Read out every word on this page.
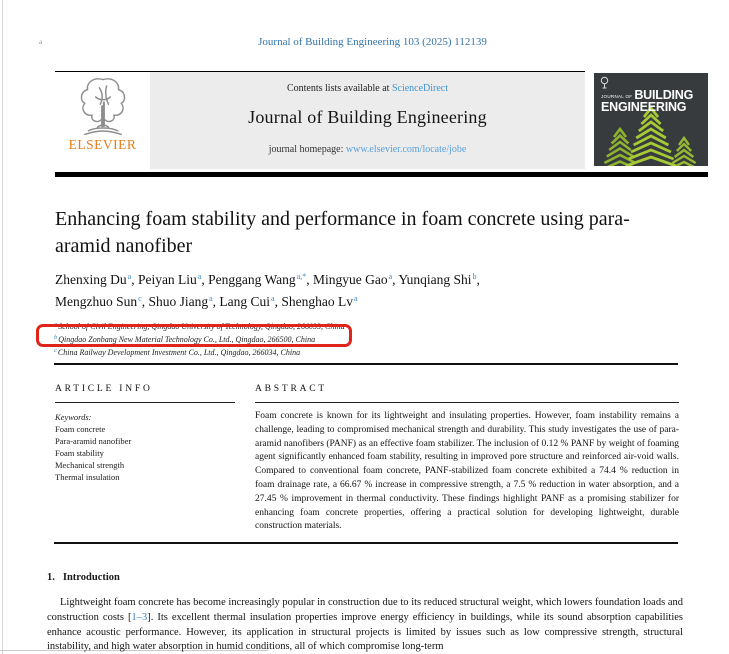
a	Journal of Building Engineering 103 (2025) 112139
ELSEVIER
Contents lists available at ScienceDirect
Journal of Building Engineering
journal homepage: www.elsevier.com/locate/jobe
JOURNAL OF BUILDING
ENGINEERING
Enhancing foam stability and performance in foam concrete using para-aramid nanofiber
Zhenxing Du$^a$, Peiyan Liu$^a$, Penggang Wang$^{a,*}$, Mingyue Gao$^a$, Yunqiang Shi$^b$,
Mengzhuo Sun$^c$, Shuo Jiang$^a$, Lang Cui$^a$, Shenghao Lv$^a$
$^a$School of Civil Engineering, Qingdao University of Technology, Qingdao, 266033, China
$^b$Qingdao Zonbang New Material Technology Co., Ltd., Qingdao, 266500, China
$^c$China Railway Development Investment Co., Ltd., Qingdao, 266034, China
ARTICLE INFO
Keywords:
Foam concrete
Para-aramid nanofiber
Foam stability
Mechanical strength
Thermal insulation
ABSTRACT

Foam concrete is known for its lightweight and insulating properties. However, foam instability remains a challenge, leading to compromised mechanical strength and durability. This study investigates the use of para-aramid nanofibers (PANF) as an effective foam stabilizer. The inclusion of 0.12 % PANF by weight of foaming agent significantly enhanced foam stability, resulting in improved pore structure and reinforced air-void walls. Compared to conventional foam concrete, PANF-stabilized foam concrete exhibited a 74.4 % reduction in foam drainage rate, a 66.67 % increase in compressive strength, a 7.5 % reduction in water absorption, and a 27.45 % improvement in thermal conductivity. These findings highlight PANF as a promising stabilizer for enhancing foam concrete properties, offering a practical solution for developing lightweight, durable construction materials.

1. Introduction

Lightweight foam concrete has become increasingly popular in construction due to its reduced structural weight, which lowers foundation loads and construction costs [1–3]. Its excellent thermal insulation properties improve energy efficiency in buildings, while its sound absorption capabilities enhance acoustic performance. However, its application in structural projects is limited by issues such as low compressive strength, structural instability, and high water absorption in humid conditions, all of which compromise long-term
